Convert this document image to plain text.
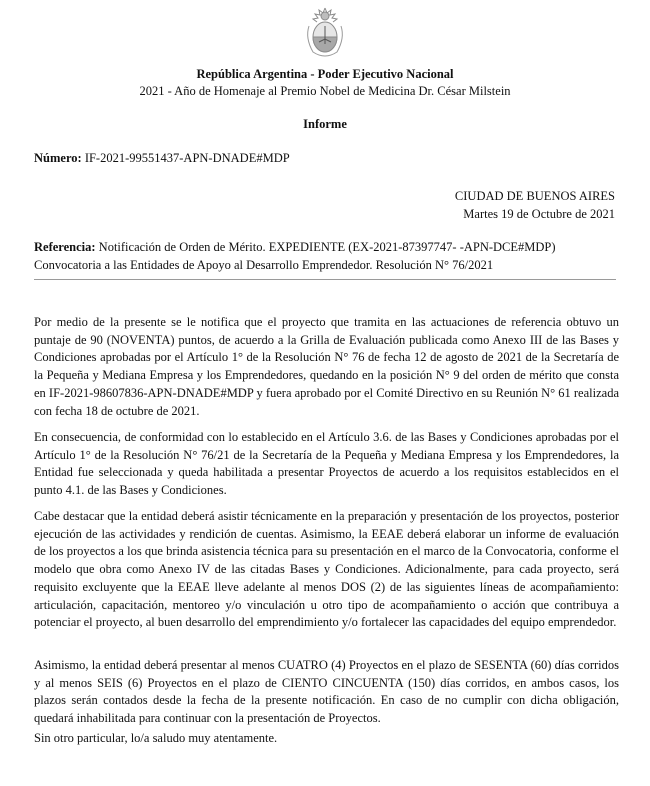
República Argentina - Poder Ejecutivo Nacional
2021 - Año de Homenaje al Premio Nobel de Medicina Dr. César Milstein
Informe
Número: IF-2021-99551437-APN-DNADE#MDP
CIUDAD DE BUENOS AIRES
Martes 19 de Octubre de 2021
Referencia: Notificación de Orden de Mérito. EXPEDIENTE (EX-2021-87397747- -APN-DCE#MDP)
Convocatoria a las Entidades de Apoyo al Desarrollo Emprendedor. Resolución N° 76/2021

Por medio de la presente se le notifica que el proyecto que tramita en las actuaciones de referencia obtuvo un puntaje de 90 (NOVENTA) puntos, de acuerdo a la Grilla de Evaluación publicada como Anexo III de las Bases y Condiciones aprobadas por el Artículo 1° de la Resolución N° 76 de fecha 12 de agosto de 2021 de la Secretaría de la Pequeña y Mediana Empresa y los Emprendedores, quedando en la posición N° 9 del orden de mérito que consta en IF-2021-98607836-APN-DNADE#MDP y fuera aprobado por el Comité Directivo en su Reunión N° 61 realizada con fecha 18 de octubre de 2021.

En consecuencia, de conformidad con lo establecido en el Artículo 3.6. de las Bases y Condiciones aprobadas por el Artículo 1° de la Resolución N° 76/21 de la Secretaría de la Pequeña y Mediana Empresa y los Emprendedores, la Entidad fue seleccionada y queda habilitada a presentar Proyectos de acuerdo a los requisitos establecidos en el punto 4.1. de las Bases y Condiciones.

Cabe destacar que la entidad deberá asistir técnicamente en la preparación y presentación de los proyectos, posterior ejecución de las actividades y rendición de cuentas. Asimismo, la EEAE deberá elaborar un informe de evaluación de los proyectos a los que brinda asistencia técnica para su presentación en el marco de la Convocatoria, conforme el modelo que obra como Anexo IV de las citadas Bases y Condiciones. Adicionalmente, para cada proyecto, será requisito excluyente que la EEAE lleve adelante al menos DOS (2) de las siguientes líneas de acompañamiento: articulación, capacitación, mentoreo y/o vinculación u otro tipo de acompañamiento o acción que contribuya a potenciar el proyecto, al buen desarrollo del emprendimiento y/o fortalecer las capacidades del equipo emprendedor.

Asimismo, la entidad deberá presentar al menos CUATRO (4) Proyectos en el plazo de SESENTA (60) días corridos y al menos SEIS (6) Proyectos en el plazo de CIENTO CINCUENTA (150) días corridos, en ambos casos, los plazos serán contados desde la fecha de la presente notificación. En caso de no cumplir con dicha obligación, quedará inhabilitada para continuar con la presentación de Proyectos.

Sin otro particular, lo/a saludo muy atentamente.
